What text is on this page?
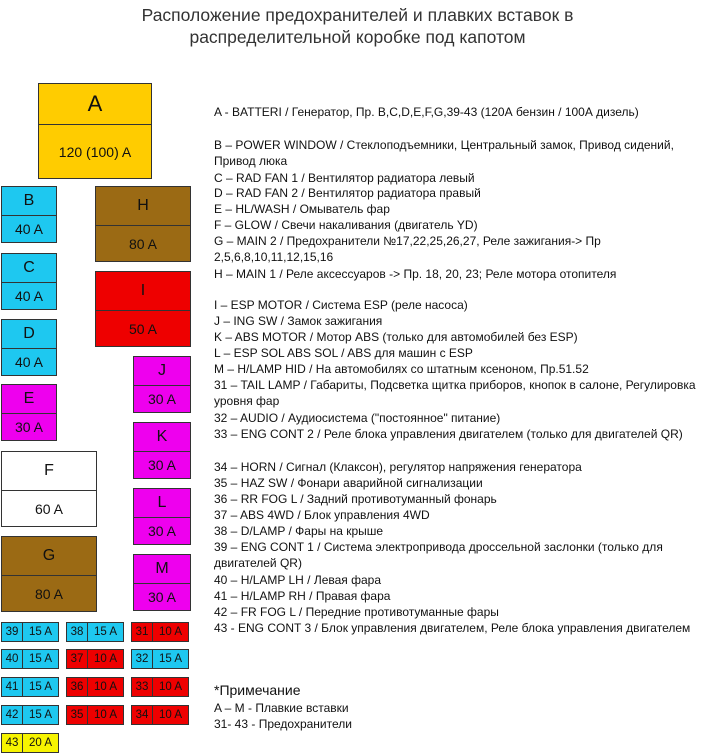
Расположение предохранителей и плавких вставок в
распределительной коробке под капотом
A
120 (100) A
B
40 A
C
40 A
D
40 A
E
30 A
F
60 A
G
80 A
H
80 A
I
50 A
J
30 A
K
30 A
L
30 A
M
30 A
39 15 A	38 15 A	31 10 A
40 15 A	37 10 A	32 15 A
41 15 A	36 10 A	33 10 A
42 15 A	35 10 A	34 10 A
43 20 A
A - BATTERI / Генератор, Пр. B,C,D,E,F,G,39-43 (120А бензин / 100А дизель)
B – POWER WINDOW / Стеклоподъемники, Центральный замок, Привод сидений, Привод люка
C – RAD FAN 1 / Вентилятор радиатора левый
D – RAD FAN 2 / Вентилятор радиатора правый
E – HL/WASH / Омыватель фар
F – GLOW / Свечи накаливания (двигатель YD)
G – MAIN 2 / Предохранители №17,22,25,26,27, Реле зажигания-> Пр 2,5,6,8,10,11,12,15,16
H – MAIN 1 / Реле аксессуаров -> Пр. 18, 20, 23; Реле мотора отопителя
I – ESP MOTOR / Система ESP (реле насоса)
J – ING SW / Замок зажигания
K – ABS MOTOR / Мотор ABS (только для автомобилей без ESP)
L – ESP SOL ABS SOL / ABS для машин с ESP
M – H/LAMP HID / На автомобилях со штатным ксеноном, Пр.51.52
31 – TAIL LAMP / Габариты, Подсветка щитка приборов, кнопок в салоне, Регулировка уровня фар
32 – AUDIO / Аудиосистема ("постоянное" питание)
33 – ENG CONT 2 / Реле блока управления двигателем (только для двигателей QR)
34 – HORN / Сигнал (Клаксон), регулятор напряжения генератора
35 – HAZ SW / Фонари аварийной сигнализации
36 – RR FOG L / Задний противотуманный фонарь
37 – ABS 4WD / Блок управления 4WD
38 – D/LAMP / Фары на крыше
39 – ENG CONT 1 / Система электропривода дроссельной заслонки (только для двигателей QR)
40 – H/LAMP LH / Левая фара
41 – H/LAMP RH / Правая фара
42 – FR FOG L / Передние противотуманные фары
43 - ENG CONT 3 / Блок управления двигателем, Реле блока управления двигателем
*Примечание
A – M - Плавкие вставки
31- 43 - Предохранители
